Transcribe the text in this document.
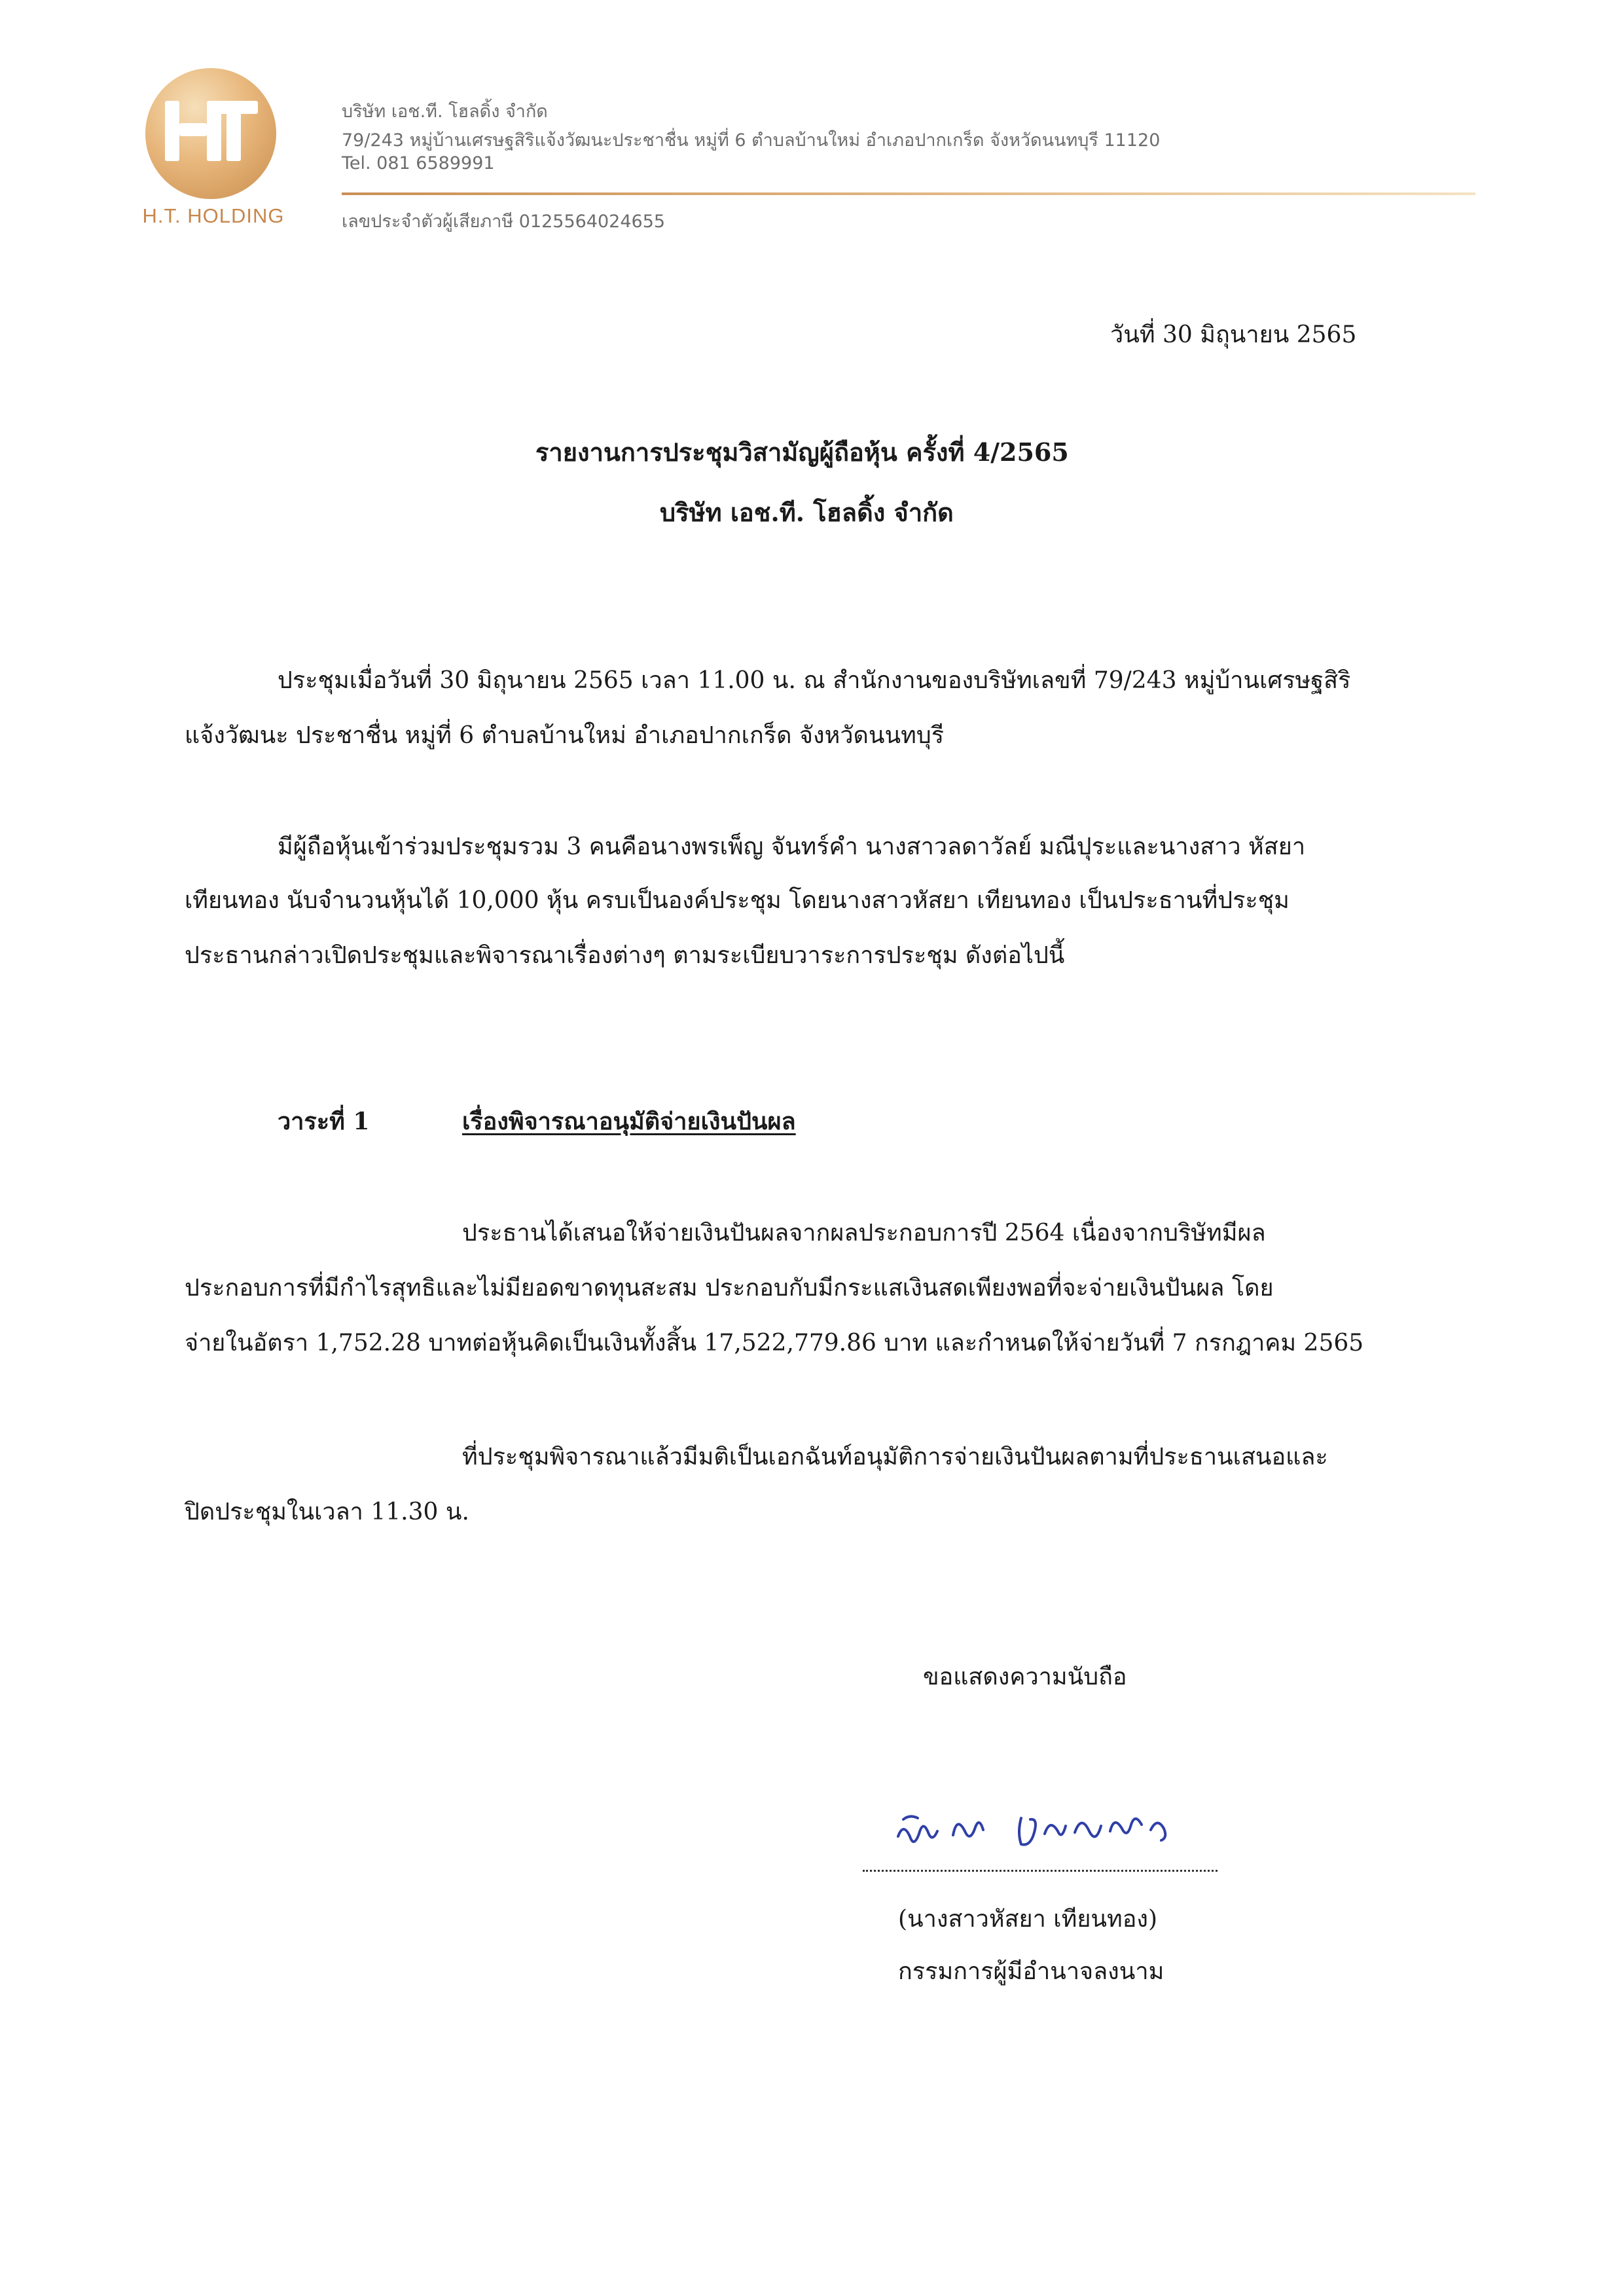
H.T. HOLDING
บริษัท เอช.ที. โฮลดิ้ง จำกัด
79/243 หมู่บ้านเศรษฐสิริแจ้งวัฒนะประชาชื่น หมู่ที่ 6 ตำบลบ้านใหม่ อำเภอปากเกร็ด จังหวัดนนทบุรี 11120
Tel. 081 6589991
เลขประจำตัวผู้เสียภาษี 0125564024655
วันที่ 30 มิถุนายน 2565
รายงานการประชุมวิสามัญผู้ถือหุ้น ครั้งที่ 4/2565
บริษัท เอช.ที. โฮลดิ้ง จำกัด
ประชุมเมื่อวันที่ 30 มิถุนายน 2565 เวลา 11.00 น. ณ สำนักงานของบริษัทเลขที่ 79/243 หมู่บ้านเศรษฐสิริ
แจ้งวัฒนะ ประชาชื่น หมู่ที่ 6 ตำบลบ้านใหม่ อำเภอปากเกร็ด จังหวัดนนทบุรี
มีผู้ถือหุ้นเข้าร่วมประชุมรวม 3 คนคือนางพรเพ็ญ จันทร์คำ นางสาวลดาวัลย์ มณีปุระและนางสาว หัสยา
เทียนทอง นับจำนวนหุ้นได้ 10,000 หุ้น ครบเป็นองค์ประชุม โดยนางสาวหัสยา เทียนทอง เป็นประธานที่ประชุม
ประธานกล่าวเปิดประชุมและพิจารณาเรื่องต่างๆ ตามระเบียบวาระการประชุม ดังต่อไปนี้
วาระที่ 1	เรื่องพิจารณาอนุมัติจ่ายเงินปันผล
ประธานได้เสนอให้จ่ายเงินปันผลจากผลประกอบการปี 2564 เนื่องจากบริษัทมีผล
ประกอบการที่มีกำไรสุทธิและไม่มียอดขาดทุนสะสม ประกอบกับมีกระแสเงินสดเพียงพอที่จะจ่ายเงินปันผล โดย
จ่ายในอัตรา 1,752.28 บาทต่อหุ้นคิดเป็นเงินทั้งสิ้น 17,522,779.86 บาท และกำหนดให้จ่ายวันที่ 7 กรกฎาคม 2565
ที่ประชุมพิจารณาแล้วมีมติเป็นเอกฉันท์อนุมัติการจ่ายเงินปันผลตามที่ประธานเสนอและ
ปิดประชุมในเวลา 11.30 น.
ขอแสดงความนับถือ
(นางสาวหัสยา เทียนทอง)
กรรมการผู้มีอำนาจลงนาม
